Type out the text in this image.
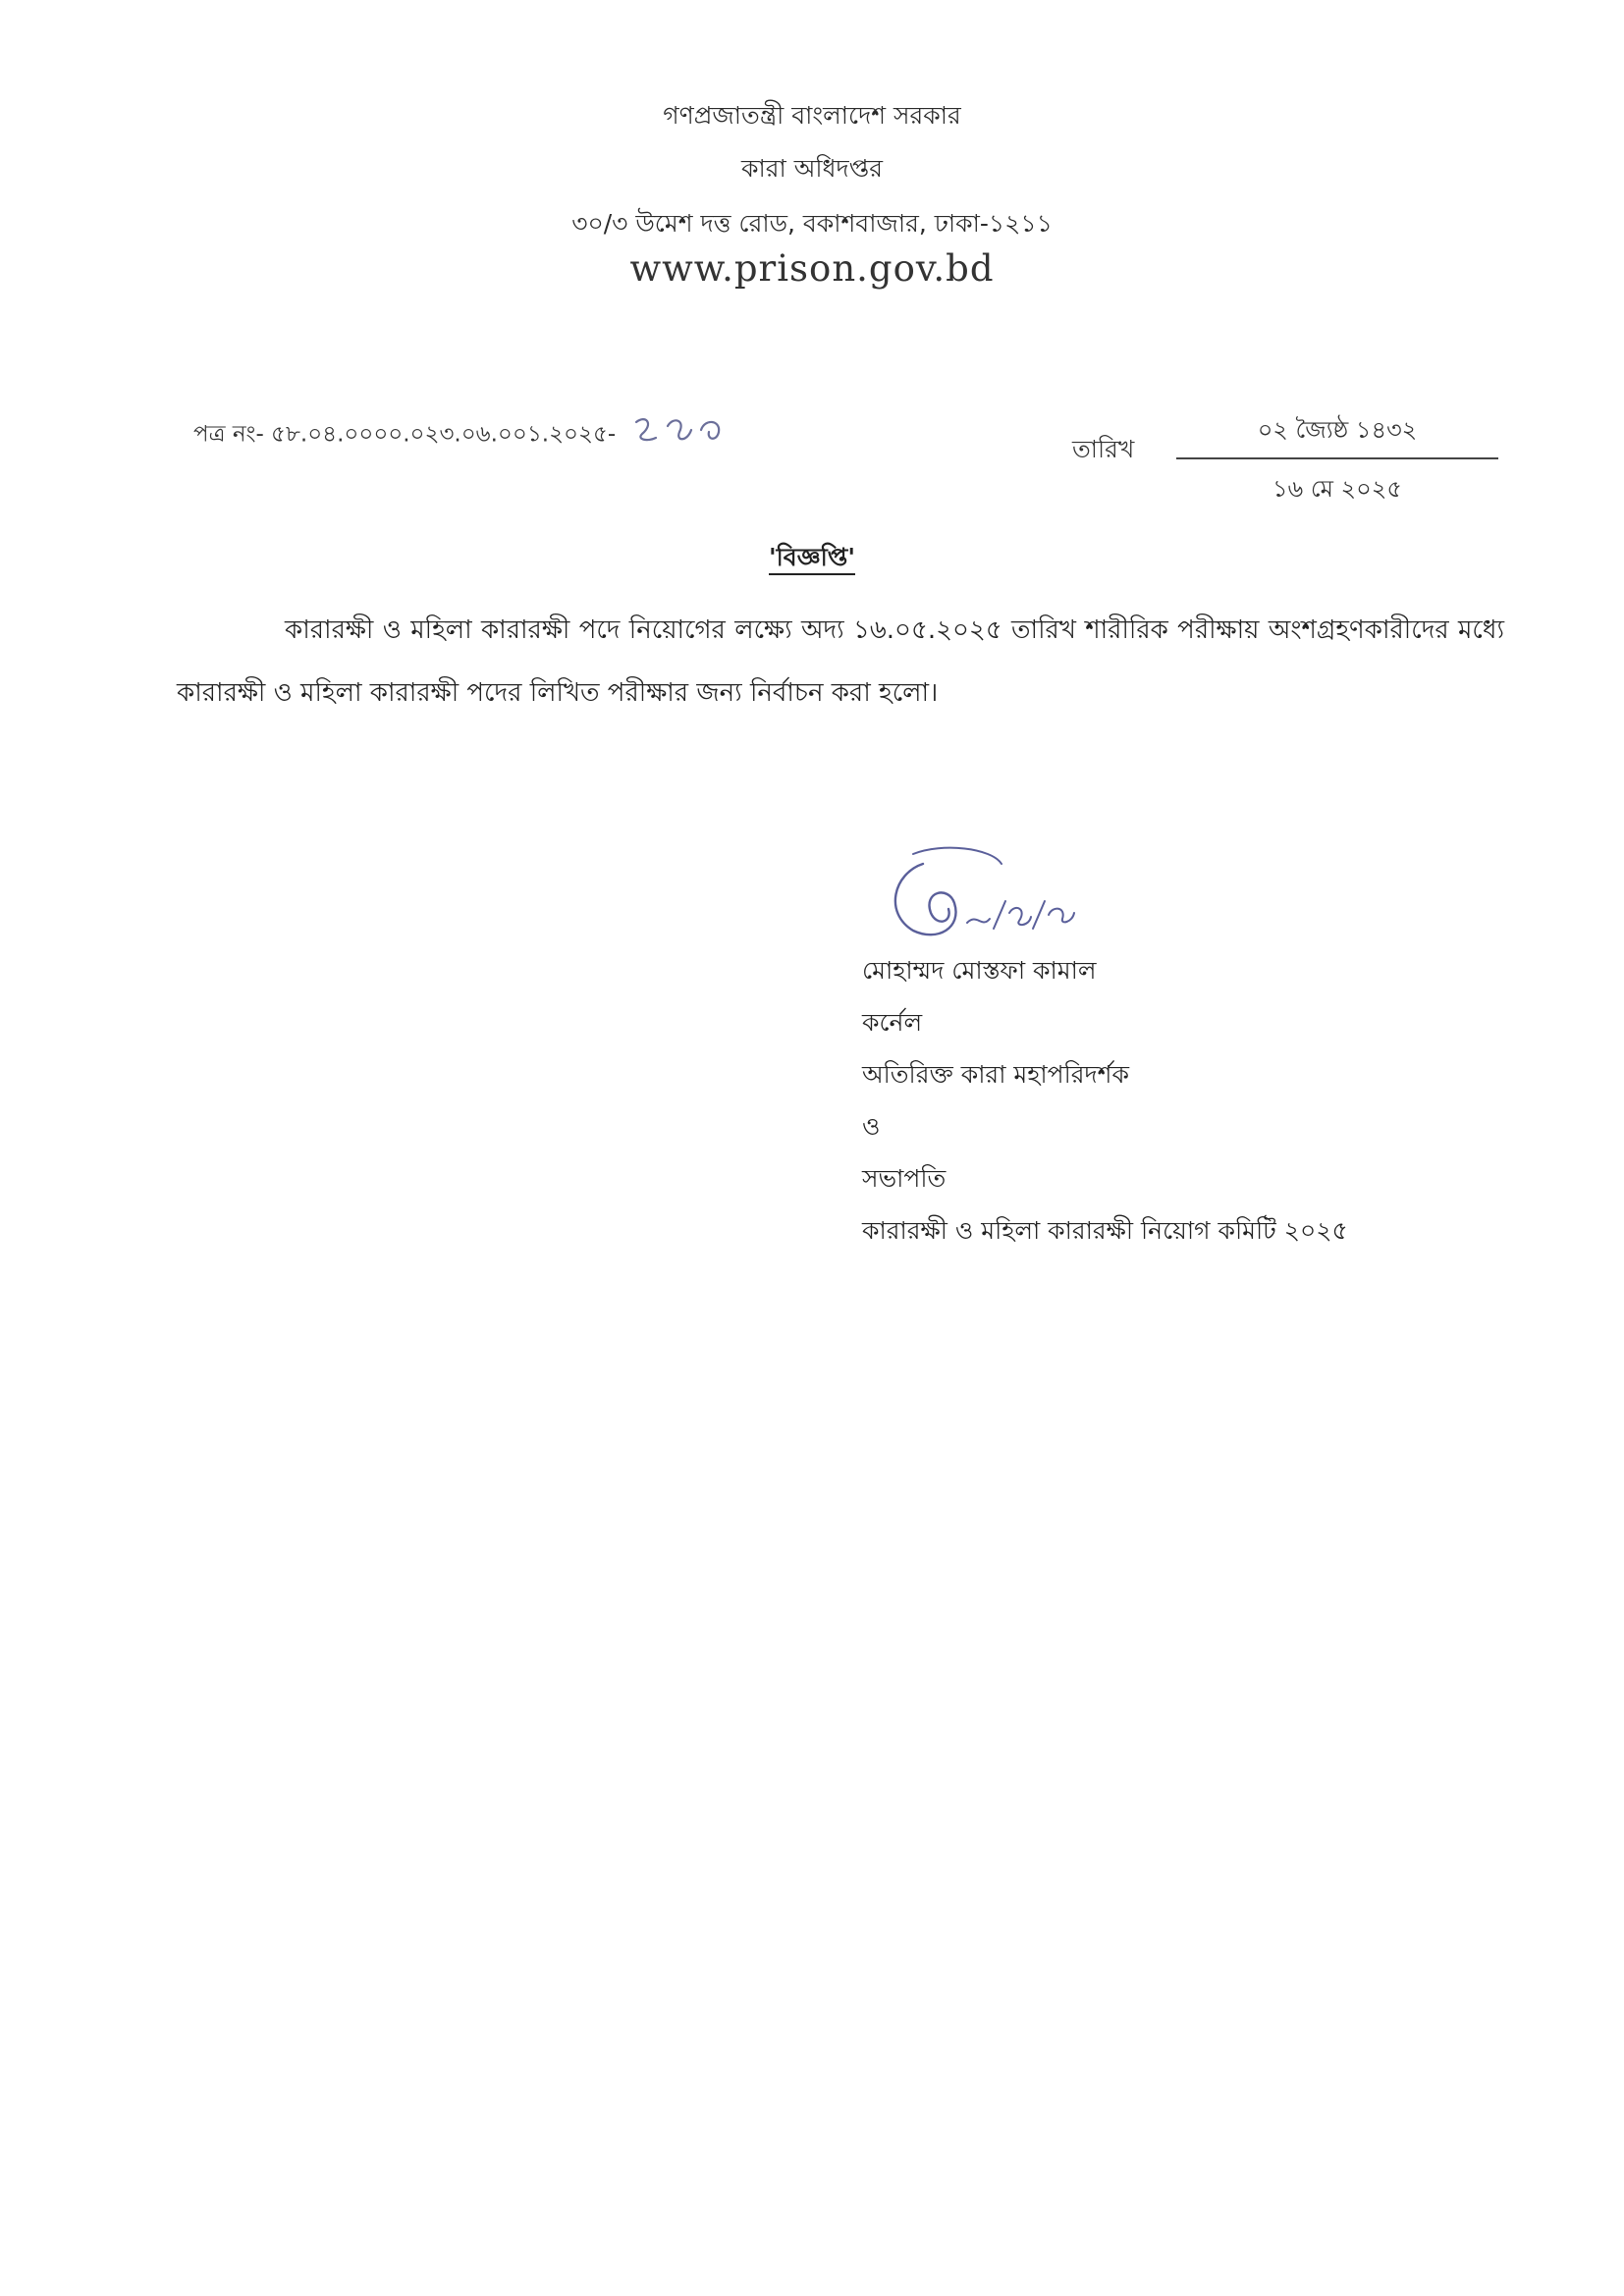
গণপ্রজাতন্ত্রী বাংলাদেশ সরকার
কারা অধিদপ্তর
৩০/৩ উমেশ দত্ত রোড, বকাশবাজার, ঢাকা-১২১১
www.prison.gov.bd
পত্র নং- ৫৮.০৪.০০০০.০২৩.০৬.০০১.২০২৫-
তারিখ
০২ জ্যৈষ্ঠ ১৪৩২
১৬ মে ২০২৫
'বিজ্ঞপ্তি'
কারারক্ষী ও মহিলা কারারক্ষী পদে নিয়োগের লক্ষ্যে অদ্য ১৬.০৫.২০২৫ তারিখ শারীরিক পরীক্ষায় অংশগ্রহণকারীদের মধ্যে কারারক্ষী ও মহিলা কারারক্ষী পদের লিখিত পরীক্ষার জন্য নির্বাচন করা হলো।
মোহাম্মদ মোস্তফা কামাল
কর্নেল
অতিরিক্ত কারা মহাপরিদর্শক
ও
সভাপতি
কারারক্ষী ও মহিলা কারারক্ষী নিয়োগ কমিটি ২০২৫
